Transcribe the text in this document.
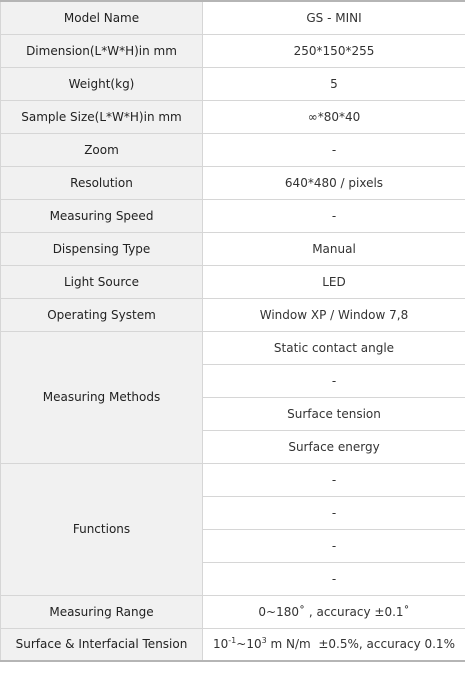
Model Name	GS - MINI
Dimension(L*W*H)in mm	250*150*255
Weight(kg)	5
Sample Size(L*W*H)in mm	∞*80*40
Zoom	-
Resolution	640*480 / pixels
Measuring Speed	-
Dispensing Type	Manual
Light Source	LED
Operating System	Window XP / Window 7,8
Measuring Methods	Static contact angle
	-
	Surface tension
	Surface energy
Functions	-
	-
	-
	-
Measuring Range	0~180˚ , accuracy ±0.1˚
Surface & Interfacial Tension	$10^{-1}\sim 10^3$ m N/m  ±0.5%, accuracy 0.1%
